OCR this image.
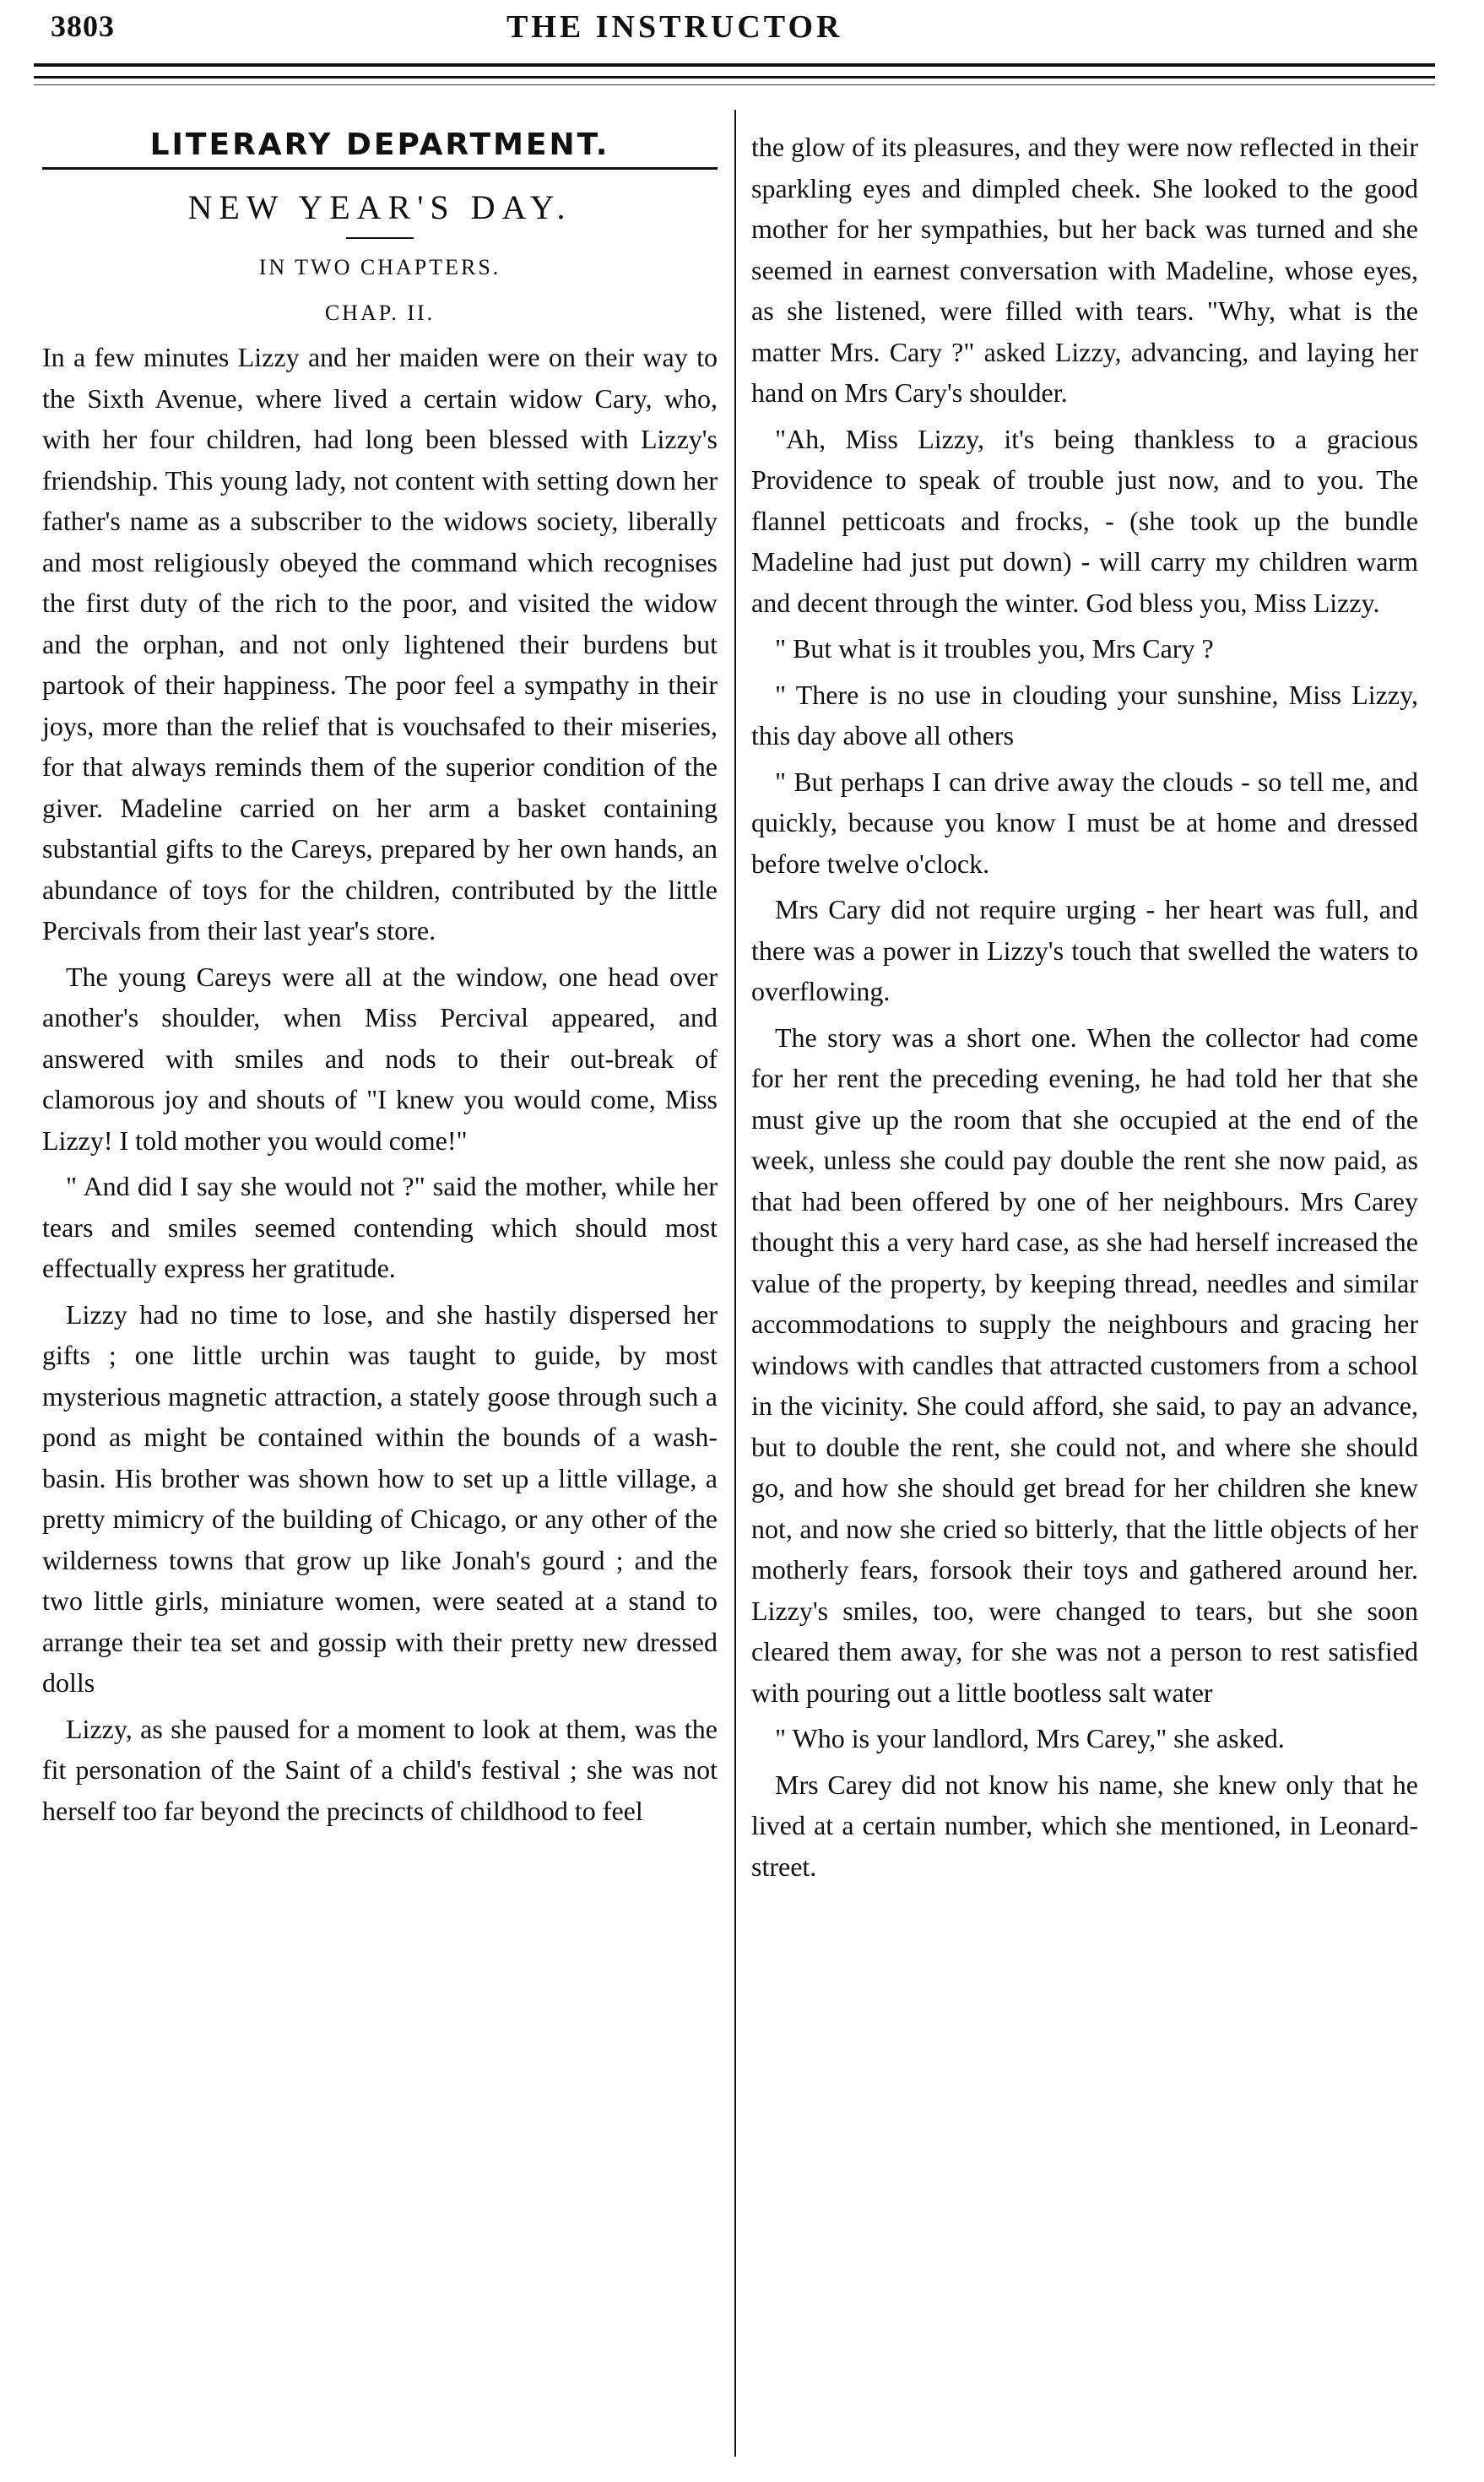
3803	THE INSTRUCTOR
LITERARY DEPARTMENT.
NEW YEAR'S DAY.
IN TWO CHAPTERS.
CHAP. II.

In a few minutes Lizzy and her maiden were on their way to the Sixth Avenue, where lived a certain widow Cary, who, with her four children, had long been blessed with Lizzy's friendship. This young lady, not content with setting down her father's name as a subscriber to the widows society, liberally and most religiously obeyed the command which recognises the first duty of the rich to the poor, and visited the widow and the orphan, and not only lightened their burdens but partook of their happiness. The poor feel a sympathy in their joys, more than the relief that is vouchsafed to their miseries, for that always reminds them of the superior condition of the giver. Madeline carried on her arm a basket containing substantial gifts to the Careys, prepared by her own hands, an abundance of toys for the children, contributed by the little Percivals from their last year's store.

The young Careys were all at the window, one head over another's shoulder, when Miss Percival appeared, and answered with smiles and nods to their out-break of clamorous joy and shouts of "I knew you would come, Miss Lizzy! I told mother you would come!"

" And did I say she would not ?" said the mother, while her tears and smiles seemed contending which should most effectually express her gratitude.

Lizzy had no time to lose, and she hastily dispersed her gifts ; one little urchin was taught to guide, by most mysterious magnetic attraction, a stately goose through such a pond as might be contained within the bounds of a wash-basin. His brother was shown how to set up a little village, a pretty mimicry of the building of Chicago, or any other of the wilderness towns that grow up like Jonah's gourd ; and the two little girls, miniature women, were seated at a stand to arrange their tea set and gossip with their pretty new dressed dolls

Lizzy, as she paused for a moment to look at them, was the fit personation of the Saint of a child's festival ; she was not herself too far beyond the precincts of childhood to feel

the glow of its pleasures, and they were now reflected in their sparkling eyes and dimpled cheek. She looked to the good mother for her sympathies, but her back was turned and she seemed in earnest conversation with Madeline, whose eyes, as she listened, were filled with tears. "Why, what is the matter Mrs. Cary ?" asked Lizzy, advancing, and laying her hand on Mrs Cary's shoulder.

"Ah, Miss Lizzy, it's being thankless to a gracious Providence to speak of trouble just now, and to you. The flannel petticoats and frocks, - (she took up the bundle Madeline had just put down) - will carry my children warm and decent through the winter. God bless you, Miss Lizzy.

" But what is it troubles you, Mrs Cary ?

" There is no use in clouding your sunshine, Miss Lizzy, this day above all others

" But perhaps I can drive away the clouds - so tell me, and quickly, because you know I must be at home and dressed before twelve o'clock.

Mrs Cary did not require urging - her heart was full, and there was a power in Lizzy's touch that swelled the waters to overflowing.

The story was a short one. When the collector had come for her rent the preceding evening, he had told her that she must give up the room that she occupied at the end of the week, unless she could pay double the rent she now paid, as that had been offered by one of her neighbours. Mrs Carey thought this a very hard case, as she had herself increased the value of the property, by keeping thread, needles and similar accommodations to supply the neighbours and gracing her windows with candles that attracted customers from a school in the vicinity. She could afford, she said, to pay an advance, but to double the rent, she could not, and where she should go, and how she should get bread for her children she knew not, and now she cried so bitterly, that the little objects of her motherly fears, forsook their toys and gathered around her. Lizzy's smiles, too, were changed to tears, but she soon cleared them away, for she was not a person to rest satisfied with pouring out a little bootless salt water

" Who is your landlord, Mrs Carey," she asked.

Mrs Carey did not know his name, she knew only that he lived at a certain number, which she mentioned, in Leonard-street.
